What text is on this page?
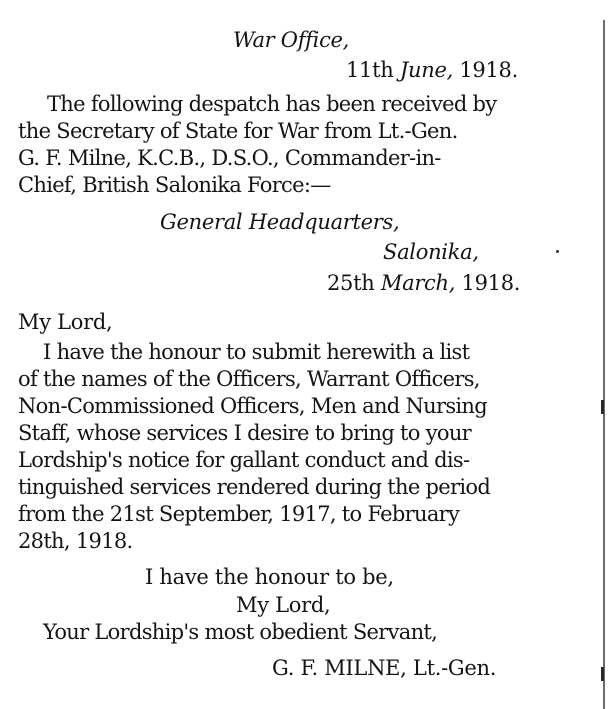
War Office,
11th June, 1918.
The following despatch has been received by
the Secretary of State for War from Lt.-Gen.
G. F. Milne, K.C.B., D.S.O., Commander-in-
Chief, British Salonika Force:—
General Headquarters,
Salonika,
25th March, 1918.
My Lord,
I have the honour to submit herewith a list
of the names of the Officers, Warrant Officers,
Non-Commissioned Officers, Men and Nursing
Staff, whose services I desire to bring to your
Lordship's notice for gallant conduct and dis-
tinguished services rendered during the period
from the 21st September, 1917, to February
28th, 1918.
I have the honour to be,
My Lord,
Your Lordship's most obedient Servant,
G. F. MILNE, Lt.-Gen.
